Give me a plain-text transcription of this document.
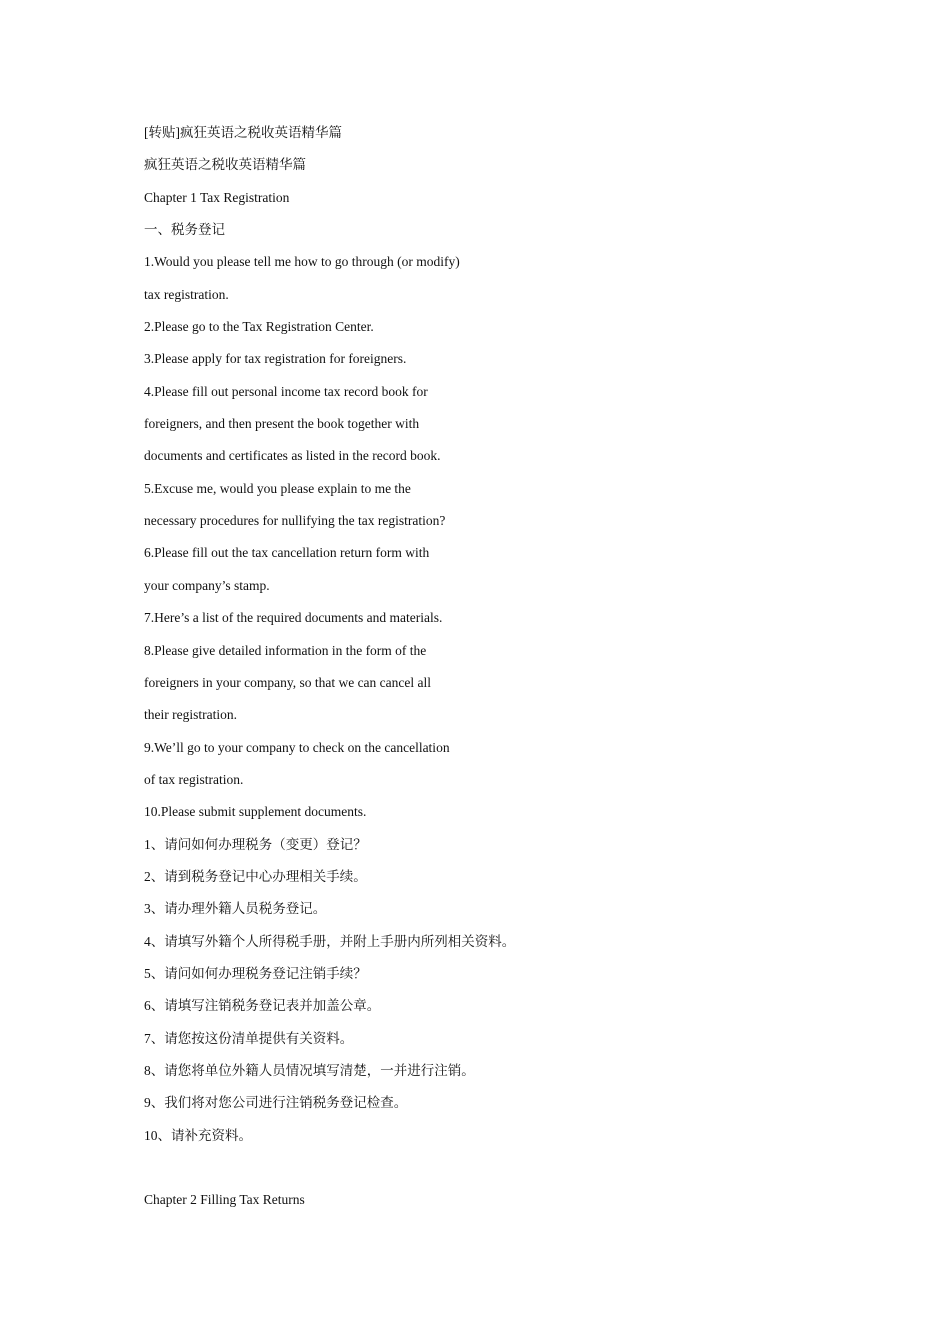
[转贴]疯狂英语之税收英语精华篇
疯狂英语之税收英语精华篇
Chapter 1 Tax Registration
一、税务登记
1.Would you please tell me how to go through (or modify)
tax registration.
2.Please go to the Tax Registration Center.
3.Please apply for tax registration for foreigners.
4.Please fill out personal income tax record book for
foreigners, and then present the book together with
documents and certificates as listed in the record book.
5.Excuse me, would you please explain to me the
necessary procedures for nullifying the tax registration?
6.Please fill out the tax cancellation return form with
your company’s stamp.
7.Here’s a list of the required documents and materials.
8.Please give detailed information in the form of the
foreigners in your company, so that we can cancel all
their registration.
9.We’ll go to your company to check on the cancellation
of tax registration.
10.Please submit supplement documents.
1、请问如何办理税务（变更）登记？
2、请到税务登记中心办理相关手续。
3、请办理外籍人员税务登记。
4、请填写外籍个人所得税手册，并附上手册内所列相关资料。
5、请问如何办理税务登记注销手续？
6、请填写注销税务登记表并加盖公章。
7、请您按这份清单提供有关资料。
8、请您将单位外籍人员情况填写清楚，一并进行注销。
9、我们将对您公司进行注销税务登记检查。
10、请补充资料。
Chapter 2 Filling Tax Returns
